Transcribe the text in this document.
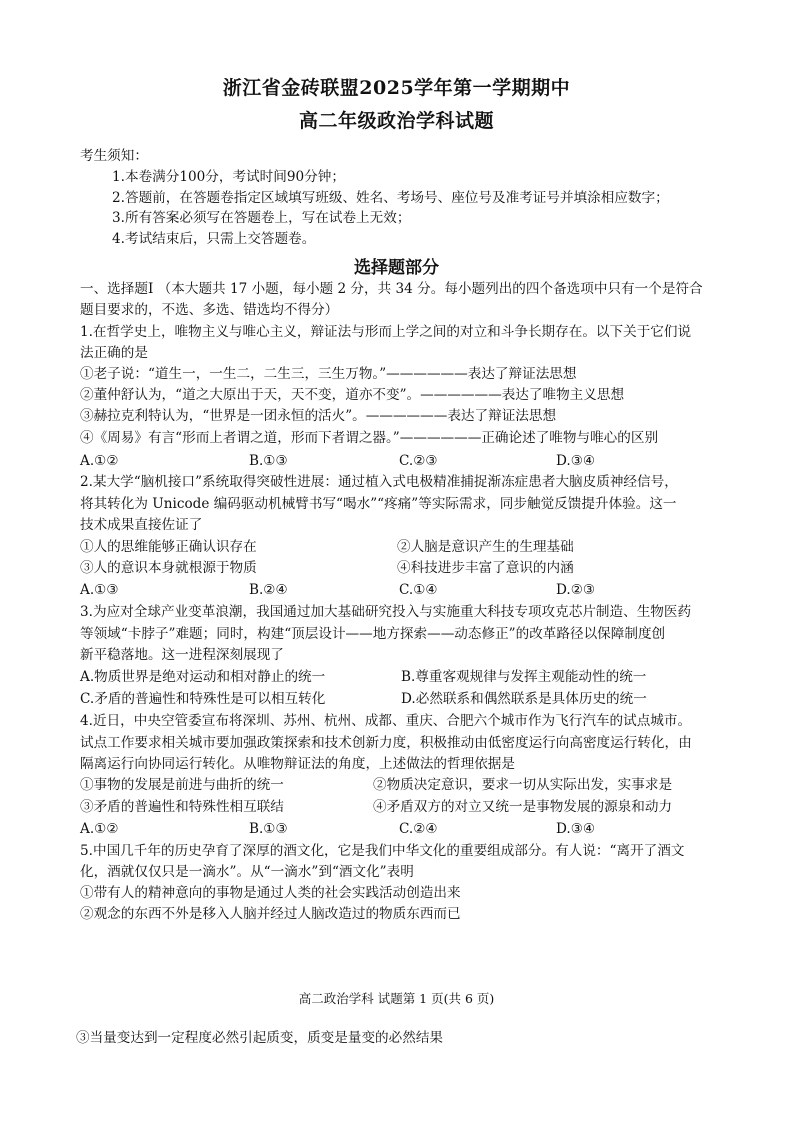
浙江省金砖联盟2025学年第一学期期中
高二年级政治学科试题
考生须知：
1.本卷满分100分，考试时间90分钟；
2.答题前，在答题卷指定区域填写班级、姓名、考场号、座位号及准考证号并填涂相应数字；
3.所有答案必须写在答题卷上，写在试卷上无效；
4.考试结束后，只需上交答题卷。
选择题部分
一、选择题Ⅰ （本大题共 17 小题，每小题 2 分，共 34 分。每小题列出的四个备选项中只有一个是符合
题目要求的，不选、多选、错选均不得分）
1.在哲学史上，唯物主义与唯心主义，辩证法与形而上学之间的对立和斗争长期存在。以下关于它们说
法正确的是
①老子说：“道生一，一生二，二生三，三生万物。”——————表达了辩证法思想
②董仲舒认为，“道之大原出于天，天不变，道亦不变”。——————表达了唯物主义思想
③赫拉克利特认为，“世界是一团永恒的活火”。——————表达了辩证法思想
④《周易》有言“形而上者谓之道，形而下者谓之器。”——————正确论述了唯物与唯心的区别
A.①②	B.①③	C.②③	D.③④
2.某大学“脑机接口”系统取得突破性进展：通过植入式电极精准捕捉渐冻症患者大脑皮质神经信号，
将其转化为 Unicode 编码驱动机械臂书写“喝水”“疼痛”等实际需求，同步触觉反馈提升体验。这一
技术成果直接佐证了
①人的思维能够正确认识存在	②人脑是意识产生的生理基础
③人的意识本身就根源于物质	④科技进步丰富了意识的内涵
A.①③	B.②④	C.①④	D.②③
3.为应对全球产业变革浪潮，我国通过加大基础研究投入与实施重大科技专项攻克芯片制造、生物医药
等领域“卡脖子”难题；同时，构建“顶层设计——地方探索——动态修正”的改革路径以保障制度创
新平稳落地。这一进程深刻展现了
A.物质世界是绝对运动和相对静止的统一	B.尊重客观规律与发挥主观能动性的统一
C.矛盾的普遍性和特殊性是可以相互转化	D.必然联系和偶然联系是具体历史的统一
4.近日，中央空管委宣布将深圳、苏州、杭州、成都、重庆、合肥六个城市作为飞行汽车的试点城市。
试点工作要求相关城市要加强政策探索和技术创新力度，积极推动由低密度运行向高密度运行转化，由
隔离运行向协同运行转化。从唯物辩证法的角度，上述做法的哲理依据是
①事物的发展是前进与曲折的统一	②物质决定意识，要求一切从实际出发，实事求是
③矛盾的普遍性和特殊性相互联结	④矛盾双方的对立又统一是事物发展的源泉和动力
A.①②	B.①③	C.②④	D.③④
5.中国几千年的历史孕育了深厚的酒文化，它是我们中华文化的重要组成部分。有人说：“离开了酒文
化，酒就仅仅只是一滴水”。从“一滴水”到“酒文化”表明
①带有人的精神意向的事物是通过人类的社会实践活动创造出来
②观念的东西不外是移入人脑并经过人脑改造过的物质东西而已
高二政治学科 试题第 1 页(共 6 页)
③当量变达到一定程度必然引起质变，质变是量变的必然结果
